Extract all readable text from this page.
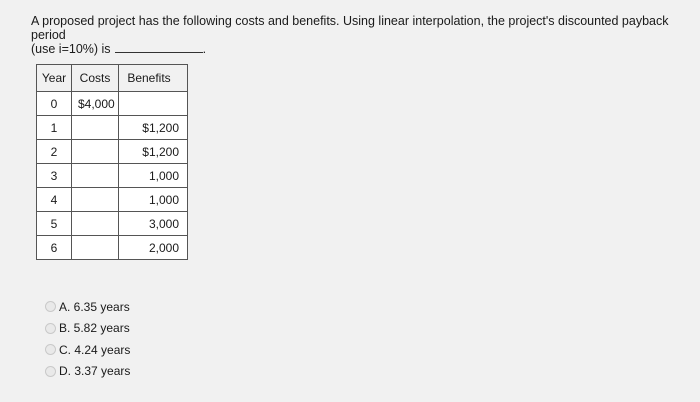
A proposed project has the following costs and benefits. Using linear interpolation, the project's discounted payback period
(use i=10%) is	.
Year	Costs	Benefits
0	$4,000	
1		$1,200
2		$1,200
3		1,000
4		1,000
5		3,000
6		2,000
A. 6.35 years
B. 5.82 years
C. 4.24 years
D. 3.37 years
